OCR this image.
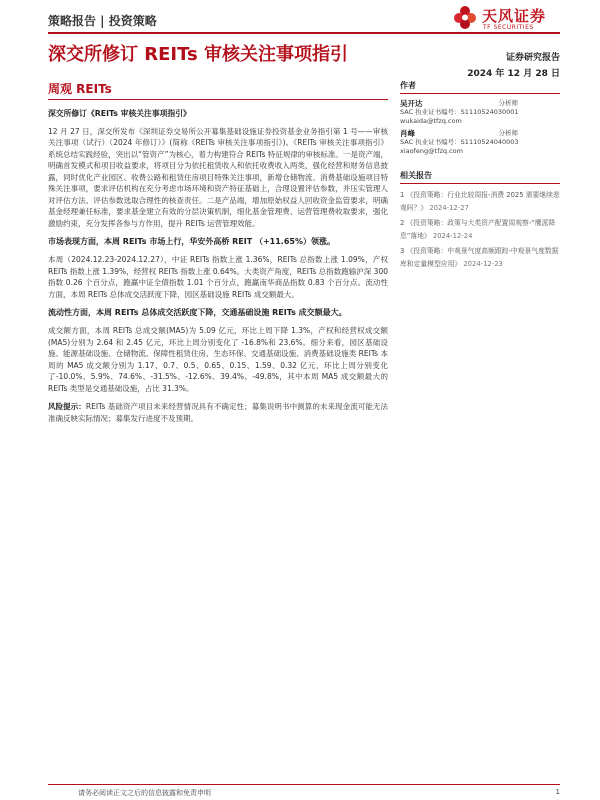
策略报告 | 投资策略	天风证券
TF SECURITIES
深交所修订 REITs 审核关注事项指引	证券研究报告
2024 年 12 月 28 日
周观 REITs
深交所修订《REITs 审核关注事项指引》
12 月 27 日，深交所发布《深圳证券交易所公开募集基础设施证券投资基金业务指引第 1 号——审核关注事项（试行）（2024 年修订）》(简称《REITs 审核关注事项指引》)。《REITs 审核关注事项指引》系统总结实践经验，突出以“管资产”为核心，着力构建符合 REITs 特征规律的审核标准。一是资产端，明确首发模式和项目收益要求，将项目分为依托租赁收入和依托收费收入两类，强化经营和财务信息披露，同时优化产业园区、收费公路和租赁住房项目特殊关注事项，新增仓储物流、消费基础设施项目特殊关注事项，要求评估机构在充分考虑市场环境和资产特征基础上，合理设置评估参数，并压实管理人对评估方法、评估参数选取合理性的核查责任。二是产品端，增加原始权益人回收资金监管要求，明确基金经理兼任标准，要求基金建立有效的分层决策机制，细化基金管理费、运营管理费收取要求，强化激励约束，充分发挥各参与方作用，提升 REITs 运营管理效能。
市场表现方面，本周 REITs 市场上行，华安外高桥 REIT （+11.65%）领涨。
本周（2024.12.23-2024.12.27），中证 REITs 指数上涨 1.36%，REITs 总指数上涨 1.09%，产权 REITs 指数上涨 1.39%，经营权 REITs 指数上涨 0.64%。大类资产角度，REITs 总指数跑输沪深 300 指数 0.26 个百分点，跑赢中证全债指数 1.01 个百分点，跑赢南华商品指数 0.83 个百分点。流动性方面，本周 REITs 总体成交活跃度下降，园区基础设施 REITs 成交额最大。
流动性方面，本周 REITs 总体成交活跃度下降，交通基础设施 REITs 成交额最大。
成交额方面，本周 REITs 总成交额(MA5)为 5.09 亿元，环比上周下降 1.3%，产权和经营权成交额(MA5)分别为 2.64 和 2.45 亿元，环比上周分别变化了 -16.8%和 23.6%。细分来看，园区基础设施、能源基础设施、仓储物流、保障性租赁住房、生态环保、交通基础设施、消费基础设施类 REITs 本周的 MA5 成交额分别为 1.17、0.7、0.5、0.65、0.15、1.59、0.32 亿元，环比上周分别变化了-10.0%、5.9%、74.6%、-31.5%、-12.6%、39.4%、-49.8%，其中本周 MA5 成交额最大的 REITs 类型是交通基础设施，占比 31.3%。
风险提示：REITs 基础资产项目未来经营情况具有不确定性；募集说明书中测算的未来现金流可能无法准确反映实际情况；募集发行进度不及预期。
作者
吴开达	分析师
SAC 执业证书编号：S1110524030001
wukaida@tfzq.com
肖峰	分析师
SAC 执业证书编号：S1110524040003
xiaofeng@tfzq.com
相关报告
1 《投资策略：行业比较周报-消费 2025 需要继续悲观吗？》 2024-12-27
2 《投资策略：政策与大类资产配置周观察-“鹰派降息”落地》 2024-12-24
3 《投资策略：中观景气度高频跟踪-中观景气度数据库和定量模型应用》 2024-12-23
请务必阅读正文之后的信息披露和免责申明	1
